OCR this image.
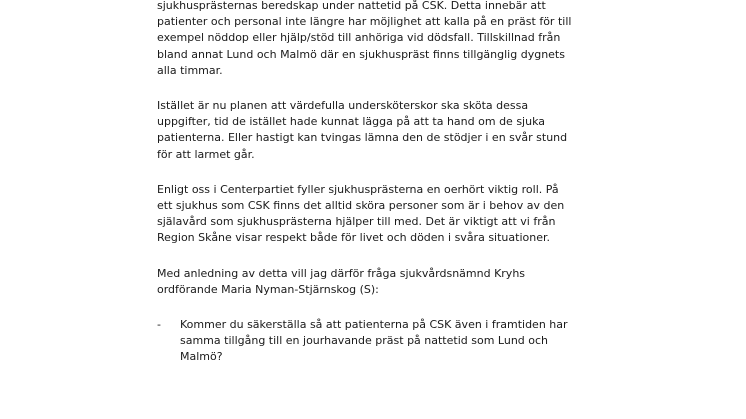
sjukhusprästernas beredskap under nattetid på CSK. Detta innebär att
patienter och personal inte längre har möjlighet att kalla på en präst för till
exempel nöddop eller hjälp/stöd till anhöriga vid dödsfall. Tillskillnad från
bland annat Lund och Malmö där en sjukhuspräst finns tillgänglig dygnets
alla timmar.

Istället är nu planen att värdefulla undersköterskor ska sköta dessa
uppgifter, tid de istället hade kunnat lägga på att ta hand om de sjuka
patienterna. Eller hastigt kan tvingas lämna den de stödjer i en svår stund
för att larmet går.

Enligt oss i Centerpartiet fyller sjukhusprästerna en oerhört viktig roll. På
ett sjukhus som CSK finns det alltid sköra personer som är i behov av den
själavård som sjukhusprästerna hjälper till med. Det är viktigt att vi från
Region Skåne visar respekt både för livet och döden i svåra situationer.

Med anledning av detta vill jag därför fråga sjukvårdsnämnd Kryhs
ordförande Maria Nyman-Stjärnskog (S):

-	Kommer du säkerställa så att patienterna på CSK även i framtiden har
samma tillgång till en jourhavande präst på nattetid som Lund och
Malmö?
